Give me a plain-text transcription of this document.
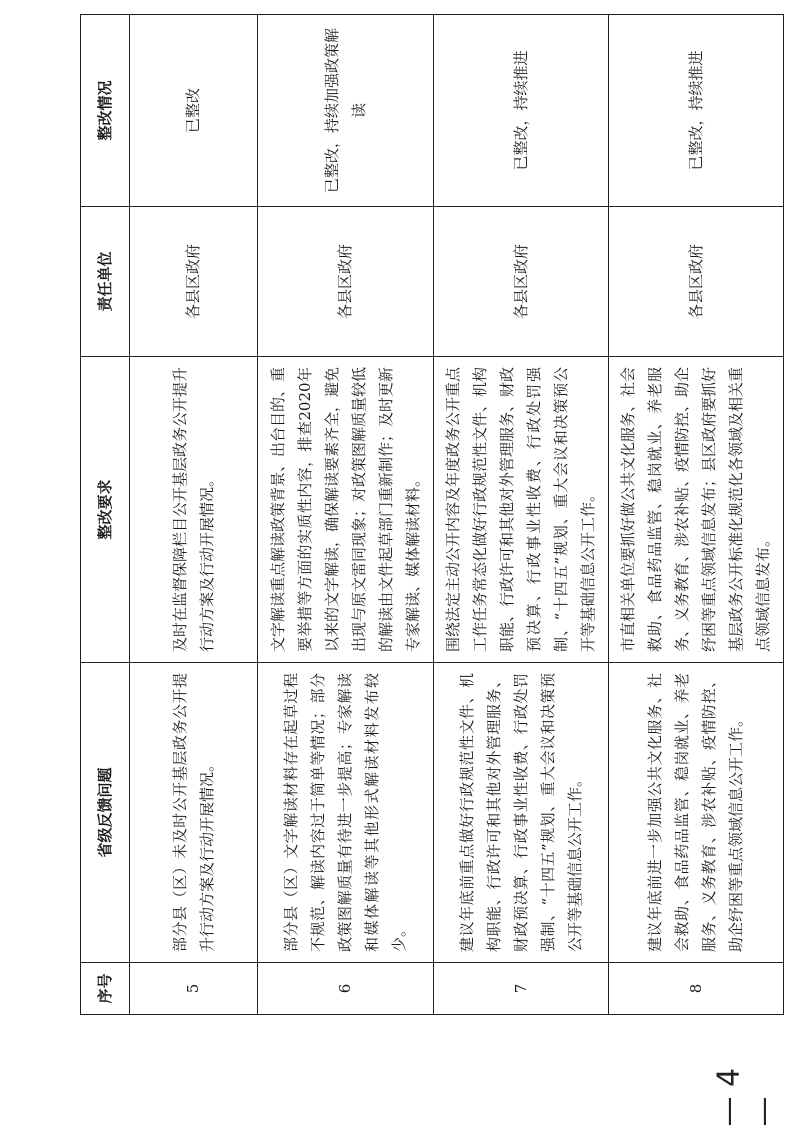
序号	省级反馈问题	整改要求	责任单位	整改情况
5	部分县（区）未及时公开基层政务公开提升行动方案及行动开展情况。	及时在监督保障栏目公开基层政务公开提升行动方案及行动开展情况。	各县区政府	已整改
6	部分县（区）文字解读材料存在起草过程不规范、解读内容过于简单等情况；部分政策图解质量有待进一步提高；专家解读和媒体解读等其他形式解读材料发布较少。	文字解读重点解读政策背景、出台目的、重要举措等方面的实质性内容，排查2020年以来的文字解读，确保解读要素齐全，避免出现与原文雷同现象；对政策图解质量较低的解读由文件起草部门重新制作；及时更新专家解读、媒体解读材料。	各县区政府	已整改，持续加强政策解读
7	建议年底前重点做好行政规范性文件、机构职能、行政许可和其他对外管理服务、财政预决算、行政事业性收费、行政处罚强制、“十四五”规划、重大会议和决策预公开等基础信息公开工作。	围绕法定主动公开内容及年度政务公开重点工作任务常态化做好行政规范性文件、机构职能、行政许可和其他对外管理服务、财政预决算、行政事业性收费、行政处罚强制、“十四五”规划、重大会议和决策预公开等基础信息公开工作。	各县区政府	已整改，持续推进
8	建议年底前进一步加强公共文化服务、社会救助、食品药品监管、稳岗就业、养老服务、义务教育、涉农补贴、疫情防控、助企纾困等重点领域信息公开工作。	市直相关单位要抓好做公共文化服务、社会救助、食品药品监管、稳岗就业、养老服务、义务教育、涉农补贴、疫情防控、助企纾困等重点领域信息发布；县区政府要抓好基层政务公开标准化规范化各领域及相关重点领域信息发布。	各县区政府	已整改，持续推进
— 4 —
